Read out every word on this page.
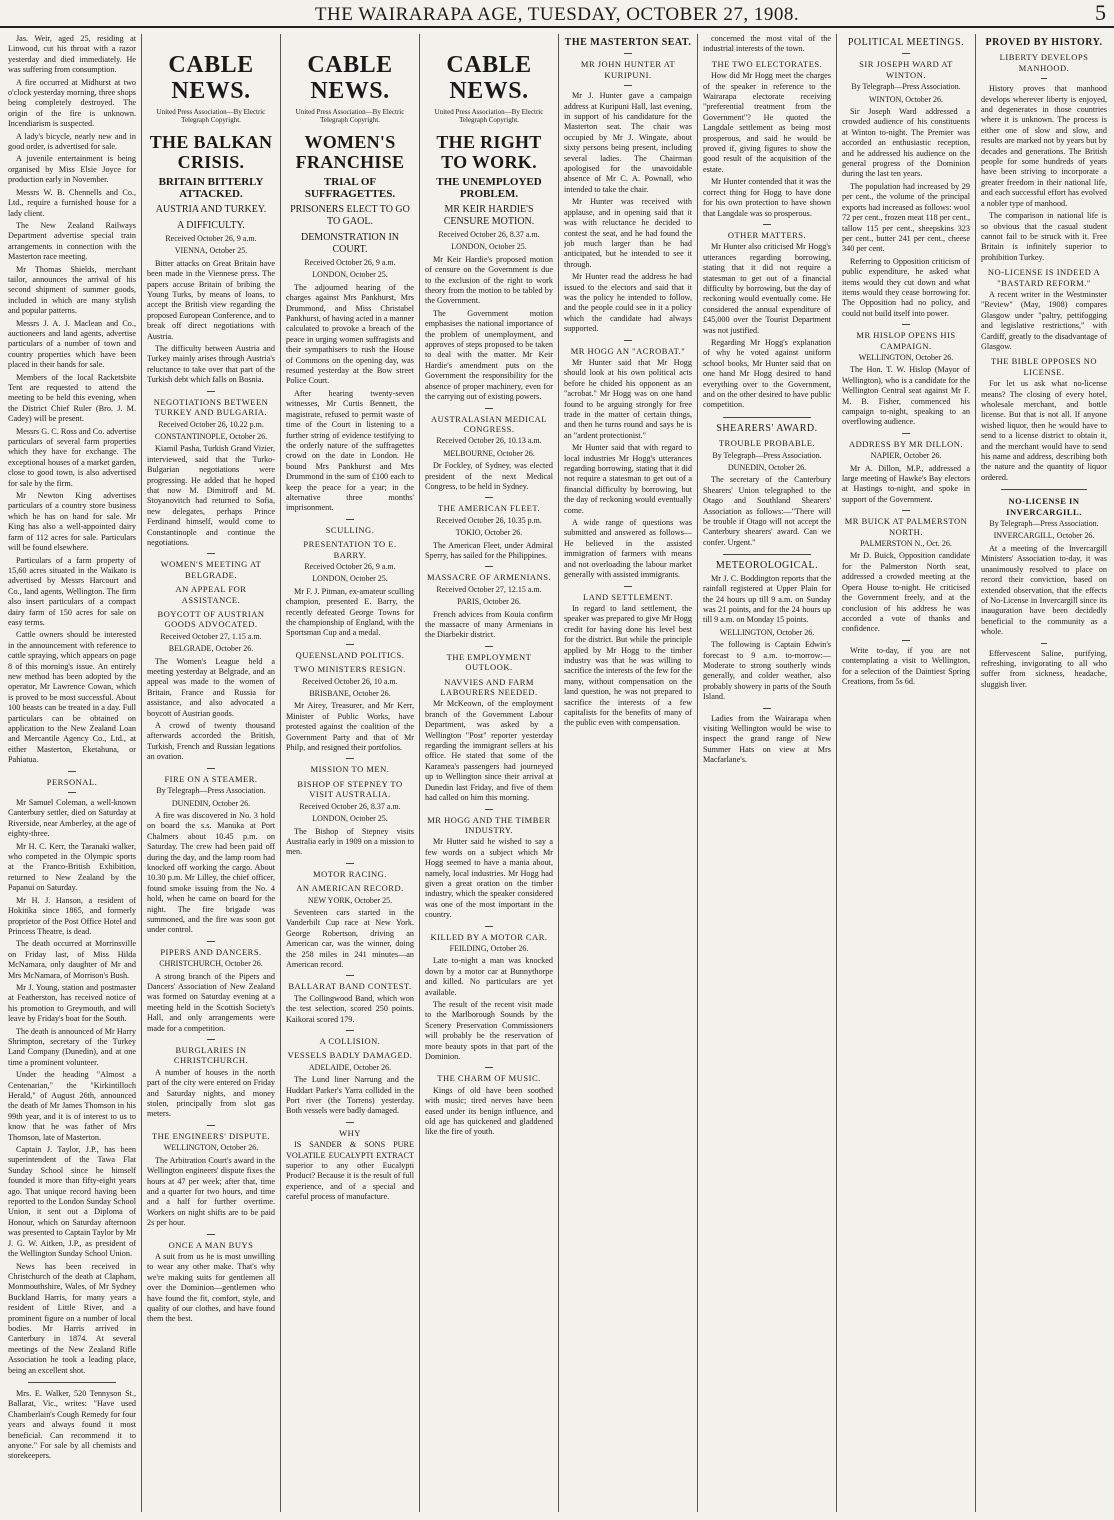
THE WAIRARAPA AGE, TUESDAY, OCTOBER 27, 1908.	5

Jas. Weir, aged 25, residing at Linwood, cut his throat with a razor yesterday and died immediately. He was suffering from consumption.

A fire occurred at Midhurst at two o'clock yesterday morning, three shops being completely destroyed. The origin of the fire is unknown. Incendiarism is suspected.

A lady's bicycle, nearly new and in good order, is advertised for sale.

A juvenile entertainment is being organised by Miss Elsie Joyce for production early in November.

Messrs W. B. Chennells and Co., Ltd., require a furnished house for a lady client.

The New Zealand Railways Department advertise special train arrangements in connection with the Masterton race meeting.

Mr Thomas Shields, merchant tailor, announces the arrival of his second shipment of summer goods, included in which are many stylish and popular patterns.

Messrs J. A. J. Maclean and Co., auctioneers and land agents, advertise particulars of a number of town and country properties which have been placed in their hands for sale.

Members of the local Racketsbite Tent are requested to attend the meeting to be held this evening, when the District Chief Ruler (Bro. J. M. Cadey) will be present.

Messrs G. C. Ross and Co. advertise particulars of several farm properties which they have for exchange. The exceptional houses of a market garden, close to good town, is also advertised for sale by the firm.

Mr Newton King advertises particulars of a country store business which he has on hand for sale. Mr King has also a well-appointed dairy farm of 112 acres for sale. Particulars will be found elsewhere.

Particulars of a farm property of 15,60 acres situated in the Waikato is advertised by Messrs Harcourt and Co., land agents, Wellington. The firm also insert particulars of a compact dairy farm of 150 acres for sale on easy terms.

Cattle owners should be interested in the announcement with reference to cattle spraying, which appears on page 8 of this morning's issue. An entirely new method has been adopted by the operator, Mr Lawrence Cowan, which is proved to be most successful. About 100 beasts can be treated in a day. Full particulars can be obtained on application to the New Zealand Loan and Mercantile Agency Co., Ltd., at either Masterton, Eketahuna, or Pahiatua.

PERSONAL.

Mr Samuel Coleman, a well-known Canterbury settler, died on Saturday at Riverside, near Amberley, at the age of eighty-three.

Mr H. C. Kerr, the Taranaki walker, who competed in the Olympic sports at the Franco-British Exhibition, returned to New Zealand by the Papanui on Saturday.

Mr H. J. Hanson, a resident of Hokitika since 1865, and formerly proprietor of the Post Office Hotel and Princess Theatre, is dead.

The death occurred at Morrinsville on Friday last, of Miss Hilda McNamara, only daughter of Mr and Mrs McNamara, of Morrison's Bush.

Mr J. Young, station and postmaster at Featherston, has received notice of his promotion to Greymouth, and will leave by Friday's boat for the South.

The death is announced of Mr Harry Shrimpton, secretary of the Turkey Land Company (Dunedin), and at one time a prominent volunteer.

Under the heading "Almost a Centenarian," the "Kirkintilloch Herald," of August 26th, announced the death of Mr James Thomson in his 99th year, and it is of interest to us to know that he was father of Mrs Thomson, late of Masterton.

Captain J. Taylor, J.P., has been superintendent of the Tawa Flat Sunday School since he himself founded it more than fifty-eight years ago. That unique record having been reported to the London Sunday School Union, it sent out a Diploma of Honour, which on Saturday afternoon was presented to Captain Taylor by Mr J. G. W. Aitken, J.P., as president of the Wellington Sunday School Union.

News has been received in Christchurch of the death at Clapham, Monmouthshire, Wales, of Mr Sydney Buckland Harris, for many years a resident of Little River, and a prominent figure on a number of local bodies. Mr Harris arrived in Canterbury in 1874. At several meetings of the New Zealand Rifle Association he took a leading place, being an excellent shot.

Mrs. E. Walker, 520 Tennyson St., Ballarat, Vic., writes: "Have used Chamberlain's Cough Remedy for four years and always found it most beneficial. Can recommend it to anyone." For sale by all chemists and storekeepers.

CABLE NEWS.
United Press Association—By Electric Telegraph Copyright.
THE BALKAN CRISIS.
BRITAIN BITTERLY ATTACKED.
AUSTRIA AND TURKEY.
A DIFFICULTY.
Received October 26, 9 a.m.
VIENNA, October 25.

Bitter attacks on Great Britain have been made in the Viennese press. The papers accuse Britain of bribing the Young Turks, by means of loans, to accept the British view regarding the proposed European Conference, and to break off direct negotiations with Austria.

The difficulty between Austria and Turkey mainly arises through Austria's reluctance to take over that part of the Turkish debt which falls on Bosnia.

NEGOTIATIONS BETWEEN TURKEY AND BULGARIA.
Received October 26, 10.22 p.m.
CONSTANTINOPLE, October 26.

Kiamil Pasha, Turkish Grand Vizier, interviewed, said that the Turko-Bulgarian negotiations were progressing. He added that he hoped that now M. Dimitroff and M. Stoyanovitch had returned to Sofia, new delegates, perhaps Prince Ferdinand himself, would come to Constantinople and continue the negotiations.

WOMEN'S MEETING AT BELGRADE.
AN APPEAL FOR ASSISTANCE.
BOYCOTT OF AUSTRIAN GOODS ADVOCATED.
Received October 27, 1.15 a.m.
BELGRADE, October 26.

The Women's League held a meeting yesterday at Belgrade, and an appeal was made to the women of Britain, France and Russia for assistance, and also advocated a boycott of Austrian goods.

A crowd of twenty thousand afterwards accorded the British, Turkish, French and Russian legations an ovation.

FIRE ON A STEAMER.
By Telegraph—Press Association.
DUNEDIN, October 26.

A fire was discovered in No. 3 hold on board the s.s. Manuka at Port Chalmers about 10.45 p.m. on Saturday. The crew had been paid off during the day, and the lamp room had knocked off working the cargo. About 10.30 p.m. Mr Lilley, the chief officer, found smoke issuing from the No. 4 hold, when he came on board for the night. The fire brigade was summoned, and the fire was soon got under control.

PIPERS AND DANCERS.
CHRISTCHURCH, October 26.

A strong branch of the Pipers and Dancers' Association of New Zealand was formed on Saturday evening at a meeting held in the Scottish Society's Hall, and only arrangements were made for a competition.

BURGLARIES IN CHRISTCHURCH.

A number of houses in the north part of the city were entered on Friday and Saturday nights, and money stolen, principally from slot gas meters.

THE ENGINEERS' DISPUTE.
WELLINGTON, October 26.

The Arbitration Court's award in the Wellington engineers' dispute fixes the hours at 47 per week; after that, time and a quarter for two hours, and time and a half for further overtime. Workers on night shifts are to be paid 2s per hour.

ONCE A MAN BUYS

A suit from us he is most unwilling to wear any other make. That's why we're making suits for gentlemen all over the Dominion—gentlemen who have found the fit, comfort, style, and quality of our clothes, and have found them the best.

CABLE NEWS.
United Press Association—By Electric Telegraph Copyright.
WOMEN'S FRANCHISE
TRIAL OF SUFFRAGETTES.
PRISONERS ELECT TO GO TO GAOL.
DEMONSTRATION IN COURT.
Received October 26, 9 a.m.
LONDON, October 25.

The adjourned hearing of the charges against Mrs Pankhurst, Mrs Drummond, and Miss Christabel Pankhurst, of having acted in a manner calculated to provoke a breach of the peace in urging women suffragists and their sympathisers to rush the House of Commons on the opening day, was resumed yesterday at the Bow street Police Court.

After hearing twenty-seven witnesses, Mr Curtis Bennett, the magistrate, refused to permit waste of time of the Court in listening to a further string of evidence testifying to the orderly nature of the suffragettes crowd on the date in London. He bound Mrs Pankhurst and Mrs Drummond in the sum of £100 each to keep the peace for a year; in the alternative three months' imprisonment.

SCULLING.
PRESENTATION TO E. BARRY.
Received October 26, 9 a.m.
LONDON, October 25.

Mr F. J. Pitman, ex-amateur sculling champion, presented E. Barry, the recently defeated George Towns for the championship of England, with the Sportsman Cup and a medal.

QUEENSLAND POLITICS.
TWO MINISTERS RESIGN.
Received October 26, 10 a.m.
BRISBANE, October 26.

Mr Airey, Treasurer, and Mr Kerr, Minister of Public Works, have protested against the coalition of the Government Party and that of Mr Philp, and resigned their portfolios.

MISSION TO MEN.
BISHOP OF STEPNEY TO VISIT AUSTRALIA.
Received October 26, 8.37 a.m.
LONDON, October 25.

The Bishop of Stepney visits Australia early in 1909 on a mission to men.

MOTOR RACING.
AN AMERICAN RECORD.
NEW YORK, October 25.

Seventeen cars started in the Vanderbilt Cup race at New York. George Robertson, driving an American car, was the winner, doing the 258 miles in 241 minutes—an American record.

BALLARAT BAND CONTEST.

The Collingwood Band, which won the test selection, scored 250 points. Kaikorai scored 179.

A COLLISION.
VESSELS BADLY DAMAGED.
ADELAIDE, October 26.

The Lund liner Narrung and the Huddart Parker's Yarra collided in the Port river (the Torrens) yesterday. Both vessels were badly damaged.

WHY

IS SANDER & SONS PURE VOLATILE EUCALYPTI EXTRACT superior to any other Eucalypti Product? Because it is the result of full experience, and of a special and careful process of manufacture.

CABLE NEWS.
United Press Association—By Electric Telegraph Copyright.
THE RIGHT TO WORK.
THE UNEMPLOYED PROBLEM.
MR KEIR HARDIE'S CENSURE MOTION.
Received October 26, 8.37 a.m.
LONDON, October 25.

Mr Keir Hardie's proposed motion of censure on the Government is due to the exclusion of the right to work theory from the motion to be tabled by the Government.

The Government motion emphasises the national importance of the problem of unemployment, and approves of steps proposed to be taken to deal with the matter. Mr Keir Hardie's amendment puts on the Government the responsibility for the absence of proper machinery, even for the carrying out of existing powers.

AUSTRALASIAN MEDICAL CONGRESS.
Received October 26, 10.13 a.m.
MELBOURNE, October 26.

Dr Fockley, of Sydney, was elected president of the next Medical Congress, to be held in Sydney.

THE AMERICAN FLEET.
Received October 26, 10.35 p.m.
TOKIO, October 26.

The American Fleet, under Admiral Sperry, has sailed for the Philippines.

MASSACRE OF ARMENIANS.
Received October 27, 12.15 a.m.
PARIS, October 26.

French advices from Kouia confirm the massacre of many Armenians in the Diarbekir district.

THE EMPLOYMENT OUTLOOK.
NAVVIES AND FARM LABOURERS NEEDED.

Mr McKeown, of the employment branch of the Government Labour Department, was asked by a Wellington "Post" reporter yesterday regarding the immigrant sellers at his office. He stated that some of the Karamea's passengers had journeyed up to Wellington since their arrival at Dunedin last Friday, and five of them had called on him this morning.

MR HOGG AND THE TIMBER INDUSTRY.

Mr Hutter said he wished to say a few words on a subject which Mr Hogg seemed to have a mania about, namely, local industries. Mr Hogg had given a great oration on the timber industry, which the speaker considered was one of the most important in the country.

KILLED BY A MOTOR CAR.
FEILDING, October 26.

Late to-night a man was knocked down by a motor car at Bunnythorpe and killed. No particulars are yet available.

The result of the recent visit made to the Marlborough Sounds by the Scenery Preservation Commissioners will probably be the reservation of more beauty spots in that part of the Dominion.

THE CHARM OF MUSIC.

Kings of old have been soothed with music; tired nerves have been eased under its benign influence, and old age has quickened and gladdened like the fire of youth.

THE MASTERTON SEAT.
MR JOHN HUNTER AT KURIPUNI.

Mr J. Hunter gave a campaign address at Kuripuni Hall, last evening, in support of his candidature for the Masterton seat. The chair was occupied by Mr J. Wingate, about sixty persons being present, including several ladies. The Chairman apologised for the unavoidable absence of Mr C. A. Pownall, who intended to take the chair.

Mr Hunter was received with applause, and in opening said that it was with reluctance he decided to contest the seat, and he had found the job much larger than he had anticipated, but he intended to see it through.

Mr Hunter read the address he had issued to the electors and said that it was the policy he intended to follow, and the people could see in it a policy which the candidate had always supported.

MR HOGG AN "ACROBAT."

Mr Hunter said that Mr Hogg should look at his own political acts before he chided his opponent as an "acrobat." Mr Hogg was on one hand found to be arguing strongly for free trade in the matter of certain things, and then he turns round and says he is an "ardent protectionist."

Mr Hunter said that with regard to local industries Mr Hogg's utterances regarding borrowing, stating that it did not require a statesman to get out of a financial difficulty by borrowing, but the day of reckoning would eventually come.

A wide range of questions was submitted and answered as follows—He believed in the assisted immigration of farmers with means and not overloading the labour market generally with assisted immigrants.

LAND SETTLEMENT.

In regard to land settlement, the speaker was prepared to give Mr Hogg credit for having done his level best for the district. But while the principle applied by Mr Hogg to the timber industry was that he was willing to sacrifice the interests of the few for the many, without compensation on the land question, he was not prepared to sacrifice the interests of a few capitalists for the benefits of many of the public even with compensation.

concerned the most vital of the industrial interests of the town.

THE TWO ELECTORATES.

How did Mr Hogg meet the charges of the speaker in reference to the Wairarapa electorate receiving "preferential treatment from the Government"? He quoted the Langdale settlement as being most prosperous, and said he would be proved if, giving figures to show the good result of the acquisition of the estate.

Mr Hunter contended that it was the correct thing for Hogg to have done for his own protection to have shown that Langdale was so prosperous.

OTHER MATTERS.

Mr Hunter also criticised Mr Hogg's utterances regarding borrowing, stating that it did not require a statesman to get out of a financial difficulty by borrowing, but the day of reckoning would eventually come. He considered the annual expenditure of £45,000 over the Tourist Department was not justified.

Regarding Mr Hogg's explanation of why he voted against uniform school books, Mr Hunter said that on one hand Mr Hogg desired to hand everything over to the Government, and on the other desired to have public competition.

SHEARERS' AWARD.
TROUBLE PROBABLE.
By Telegraph—Press Association.
DUNEDIN, October 26.

The secretary of the Canterbury Shearers' Union telegraphed to the Otago and Southland Shearers' Association as follows:—"There will be trouble if Otago will not accept the Canterbury shearers' award. Can we confer. Urgent."

METEOROLOGICAL.

Mr J. C. Boddington reports that the rainfall registered at Upper Plain for the 24 hours up till 9 a.m. on Sunday was 21 points, and for the 24 hours up till 9 a.m. on Monday 15 points.

WELLINGTON, October 26.

The following is Captain Edwin's forecast to 9 a.m. to-morrow:—Moderate to strong southerly winds generally, and colder weather, also probably showery in parts of the South Island.

Ladies from the Wairarapa when visiting Wellington would be wise to inspect the grand range of New Summer Hats on view at Mrs Macfarlane's.

POLITICAL MEETINGS.
SIR JOSEPH WARD AT WINTON.
By Telegraph—Press Association.
WINTON, October 26.

Sir Joseph Ward addressed a crowded audience of his constituents at Winton to-night. The Premier was accorded an enthusiastic reception, and he addressed his audience on the general progress of the Dominion during the last ten years.

The population had increased by 29 per cent., the volume of the principal exports had increased as follows: wool 72 per cent., frozen meat 118 per cent., tallow 115 per cent., sheepskins 323 per cent., butter 241 per cent., cheese 340 per cent.

Referring to Opposition criticism of public expenditure, he asked what items would they cut down and what items would they cease borrowing for. The Opposition had no policy, and could not build itself into power.

MR HISLOP OPENS HIS CAMPAIGN.
WELLINGTON, October 26.

The Hon. T. W. Hislop (Mayor of Wellington), who is a candidate for the Wellington Central seat against Mr F. M. B. Fisher, commenced his campaign to-night, speaking to an overflowing audience.

ADDRESS BY MR DILLON.
NAPIER, October 26.

Mr A. Dillon, M.P., addressed a large meeting of Hawke's Bay electors at Hastings to-night, and spoke in support of the Government.

MR BUICK AT PALMERSTON NORTH.
PALMERSTON N., Oct. 26.

Mr D. Buick, Opposition candidate for the Palmerston North seat, addressed a crowded meeting at the Opera House to-night. He criticised the Government freely, and at the conclusion of his address he was accorded a vote of thanks and confidence.

Write to-day, if you are not contemplating a visit to Wellington, for a selection of the Daintiest Spring Creations, from 5s 6d.

PROVED BY HISTORY.
LIBERTY DEVELOPS MANHOOD.

History proves that manhood develops wherever liberty is enjoyed, and degenerates in those countries where it is unknown. The process is either one of slow and slow, and results are marked not by years but by decades and generations. The British people for some hundreds of years have been striving to incorporate a greater freedom in their national life, and each successful effort has evolved a nobler type of manhood.

The comparison in national life is so obvious that the casual student cannot fail to be struck with it. Free Britain is infinitely superior to prohibition Turkey.

NO-LICENSE IS INDEED A "BASTARD REFORM."

A recent writer in the Westminster "Review" (May, 1908) compares Glasgow under "paltry, pettifogging and legislative restrictions," with Cardiff, greatly to the disadvantage of Glasgow.

THE BIBLE OPPOSES NO LICENSE.

For let us ask what no-license means? The closing of every hotel, wholesale merchant, and bottle license. But that is not all. If anyone wished liquor, then he would have to send to a license district to obtain it, and the merchant would have to send his name and address, describing both the nature and the quantity of liquor ordered.

NO-LICENSE IN INVERCARGILL.
By Telegraph—Press Association.
INVERCARGILL, October 26.

At a meeting of the Invercargill Ministers' Association to-day, it was unanimously resolved to place on record their conviction, based on extended observation, that the effects of No-License in Invercargill since its inauguration have been decidedly beneficial to the community as a whole.

Effervescent Saline, purifying, refreshing, invigorating to all who suffer from sickness, headache, sluggish liver.
